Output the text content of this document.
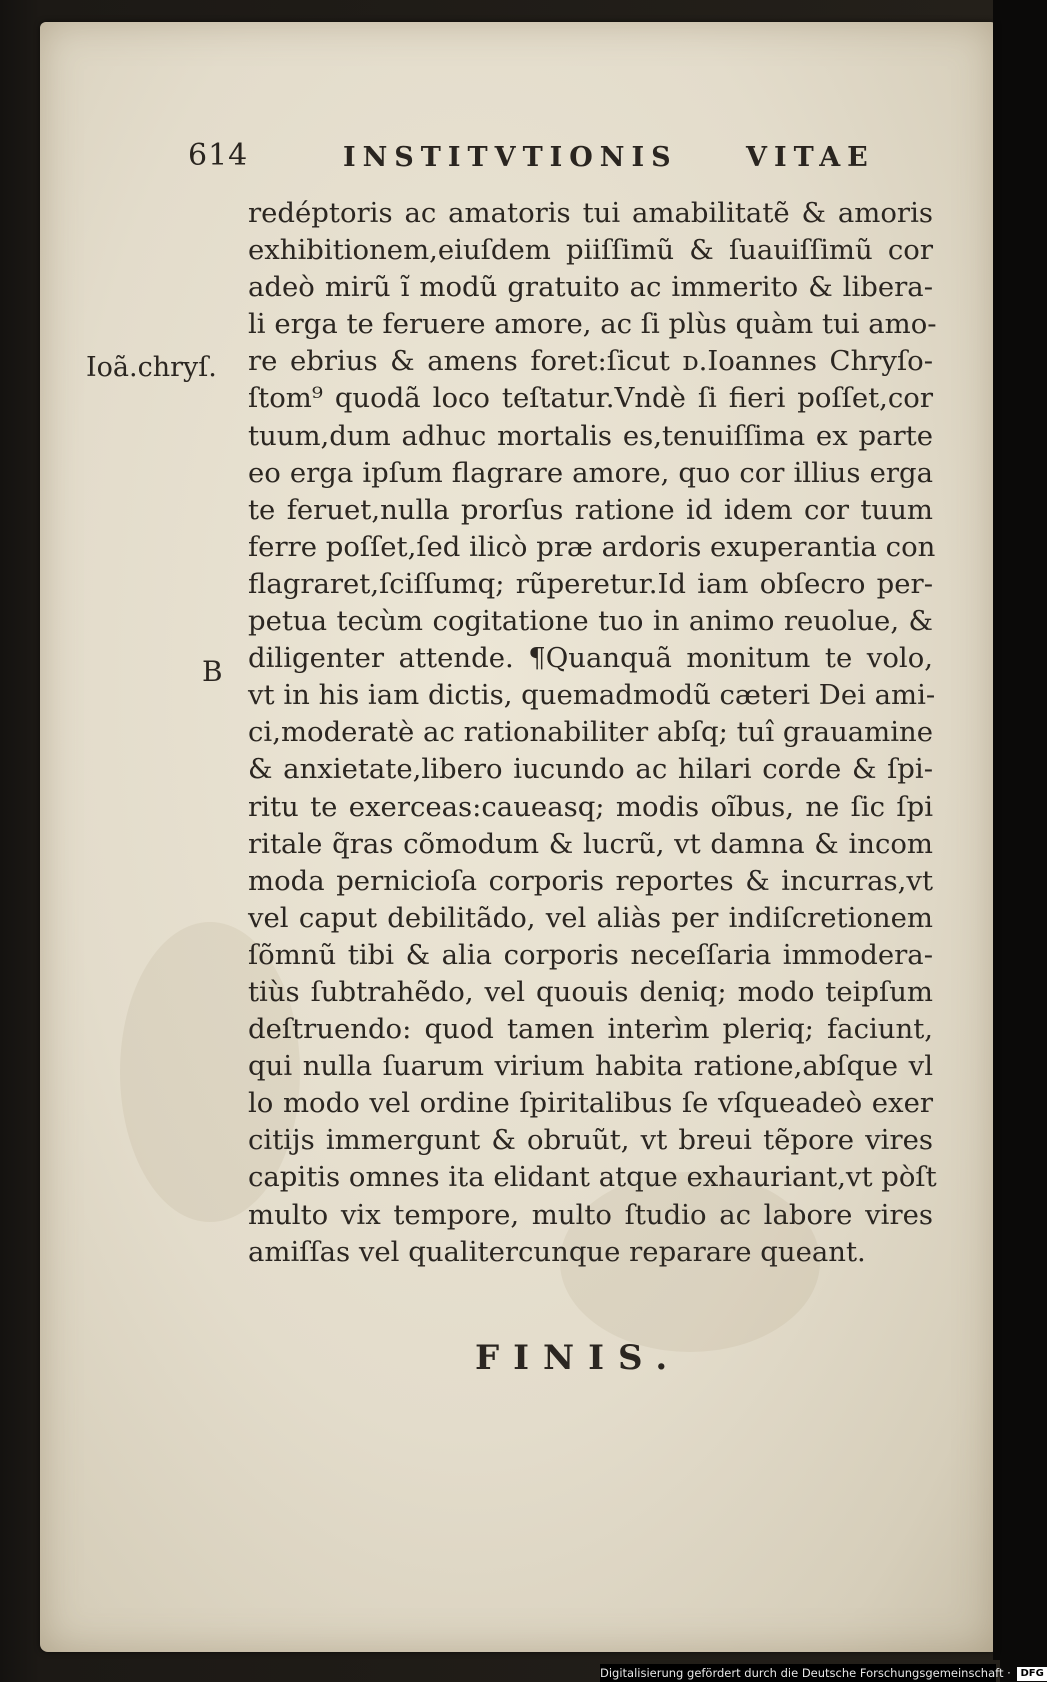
614	INSTITVTIONIS	VITAE
Ioã.chryſ.
B
redéptoris ac amatoris tui amabilitatẽ & amoris
exhibitionem,eiuſdem piiſſimũ & ſuauiſſimũ cor
adeò mirũ ĩ modũ gratuito ac immerito & libera-
li erga te feruere amore, ac ſi plùs quàm tui amo-
re ebrius & amens foret:ſicut ᴅ.Ioannes Chryſo-
ſtom⁹ quodã loco teſtatur.Vndè ſi fieri poſſet,cor
tuum,dum adhuc mortalis es,tenuiſſima ex parte
eo erga ipſum flagrare amore, quo cor illius erga
te feruet,nulla prorſus ratione id idem cor tuum
ferre poſſet,ſed ilicò præ ardoris exuperantia con
flagraret,ſciſſumq; rũperetur.Id iam obſecro per-
petua tecùm cogitatione tuo in animo reuolue, &
diligenter attende. ¶Quanquã monitum te volo,
vt in his iam dictis, quemadmodũ cæteri Dei ami-
ci,moderatè ac rationabiliter abſq; tuî grauamine
& anxietate,libero iucundo ac hilari corde & ſpi-
ritu te exerceas:caueasq; modis oĩbus, ne ſic ſpi
ritale q̃ras cõmodum & lucrũ, vt damna & incom
moda pernicioſa corporis reportes & incurras,vt
vel caput debilitãdo, vel aliàs per indiſcretionem
ſõmnũ tibi & alia corporis neceſſaria immodera-
tiùs ſubtrahẽdo, vel quouis deniq; modo teipſum
deſtruendo: quod tamen interìm pleriq; faciunt,
qui nulla ſuarum virium habita ratione,abſque vl
lo modo vel ordine ſpiritalibus ſe vſqueadeò exer
citijs immergunt & obruũt, vt breui tẽpore vires
capitis omnes ita elidant atque exhauriant,vt pòſt
multo vix tempore, multo ſtudio ac labore vires
amiſſas vel qualitercunque reparare queant.
FINIS.
Digitalisierung gefördert durch die Deutsche Forschungsgemeinschaft · DFG
